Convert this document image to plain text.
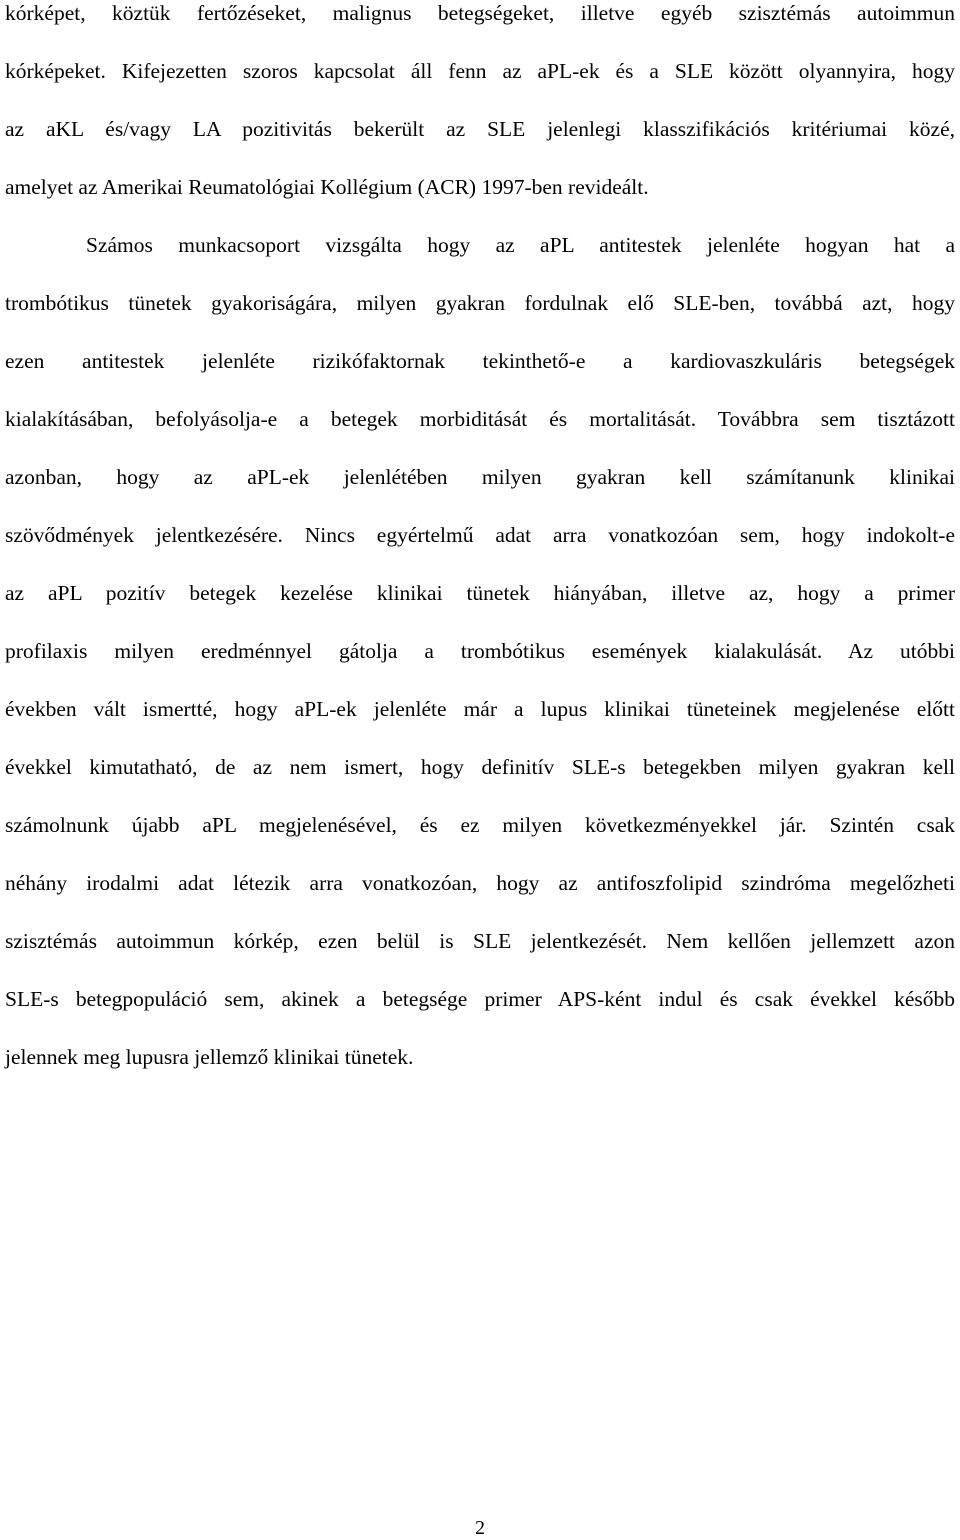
kórképet, köztük fertőzéseket, malignus betegségeket, illetve egyéb szisztémás autoimmun
kórképeket. Kifejezetten szoros kapcsolat áll fenn az aPL-ek és a SLE között olyannyira, hogy
az aKL és/vagy LA pozitivitás bekerült az SLE jelenlegi klasszifikációs kritériumai közé,
amelyet az Amerikai Reumatológiai Kollégium (ACR) 1997-ben revideált.
Számos munkacsoport vizsgálta hogy az aPL antitestek jelenléte hogyan hat a
trombótikus tünetek gyakoriságára, milyen gyakran fordulnak elő SLE-ben, továbbá azt, hogy
ezen antitestek jelenléte rizikófaktornak tekinthető-e a kardiovaszkuláris betegségek
kialakításában, befolyásolja-e a betegek morbiditását és mortalitását. Továbbra sem tisztázott
azonban, hogy az aPL-ek jelenlétében milyen gyakran kell számítanunk klinikai
szövődmények jelentkezésére. Nincs egyértelmű adat arra vonatkozóan sem, hogy indokolt-e
az aPL pozitív betegek kezelése klinikai tünetek hiányában, illetve az, hogy a primer
profilaxis milyen eredménnyel gátolja a trombótikus események kialakulását. Az utóbbi
években vált ismertté, hogy aPL-ek jelenléte már a lupus klinikai tüneteinek megjelenése előtt
évekkel kimutatható, de az nem ismert, hogy definitív SLE-s betegekben milyen gyakran kell
számolnunk újabb aPL megjelenésével, és ez milyen következményekkel jár. Szintén csak
néhány irodalmi adat létezik arra vonatkozóan, hogy az antifoszfolipid szindróma megelőzheti
szisztémás autoimmun kórkép, ezen belül is SLE jelentkezését. Nem kellően jellemzett azon
SLE-s betegpopuláció sem, akinek a betegsége primer APS-ként indul és csak évekkel később
jelennek meg lupusra jellemző klinikai tünetek.
2
